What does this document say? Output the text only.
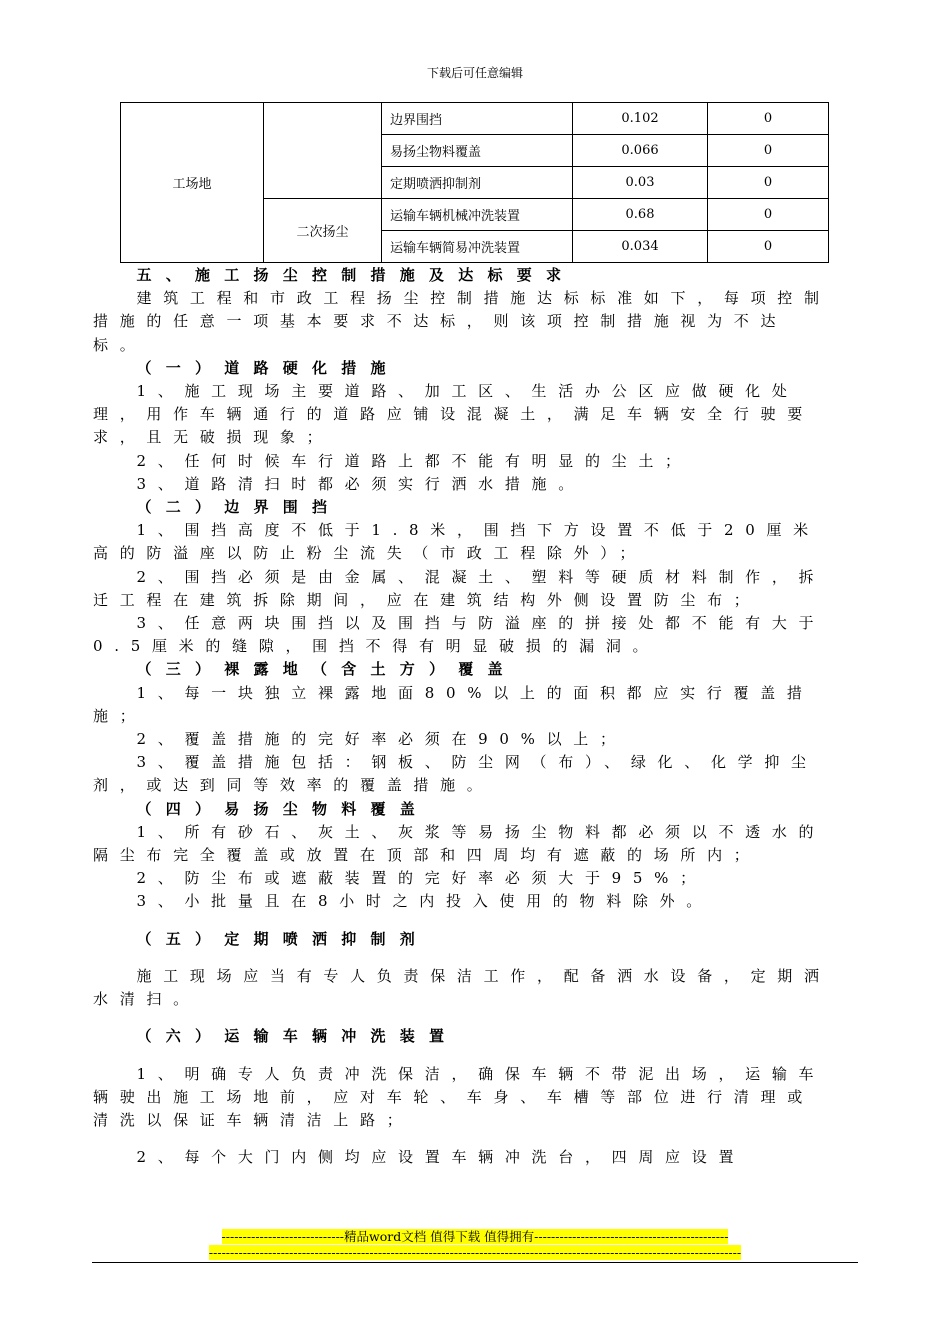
下载后可任意编辑
工场地		边界围挡	0.102	0
		易扬尘物料覆盖	0.066	0
		定期喷洒抑制剂	0.03	0
	二次扬尘	运输车辆机械冲洗装置	0.68	0
		运输车辆简易冲洗装置	0.034	0

五、施工扬尘控制措施及达标要求

建筑工程和市政工程扬尘控制措施达标标准如下，每项控制措施的任意一项基本要求不达标，则该项控制措施视为不达标。

（一）道路硬化措施

1、施工现场主要道路、加工区、生活办公区应做硬化处理，用作车辆通行的道路应铺设混凝土，满足车辆安全行驶要求，且无破损现象；

2、任何时候车行道路上都不能有明显的尘土；

3、道路清扫时都必须实行洒水措施。

（二）边界围挡

1、围挡高度不低于1.8米，围挡下方设置不低于20厘米高的防溢座以防止粉尘流失（市政工程除外）；

2、围挡必须是由金属、混凝土、塑料等硬质材料制作，拆迁工程在建筑拆除期间，应在建筑结构外侧设置防尘布；

3、任意两块围挡以及围挡与防溢座的拼接处都不能有大于0.5厘米的缝隙，围挡不得有明显破损的漏洞。

（三）裸露地（含土方）覆盖

1、每一块独立裸露地面80%以上的面积都应实行覆盖措施；

2、覆盖措施的完好率必须在90%以上；

3、覆盖措施包括：钢板、防尘网（布）、绿化、化学抑尘剂，或达到同等效率的覆盖措施。

（四）易扬尘物料覆盖

1、所有砂石、灰土、灰浆等易扬尘物料都必须以不透水的隔尘布完全覆盖或放置在顶部和四周均有遮蔽的场所内；

2、防尘布或遮蔽装置的完好率必须大于95%；

3、小批量且在8小时之内投入使用的物料除外。

（五）定期喷洒抑制剂

施工现场应当有专人负责保洁工作，配备洒水设备，定期洒水清扫。

（六）运输车辆冲洗装置

1、明确专人负责冲洗保洁，确保车辆不带泥出场，运输车辆驶出施工场地前，应对车轮、车身、车槽等部位进行清理或清洗以保证车辆清洁上路；

2、每个大门内侧均应设置车辆冲洗台，四周应设置

-----------------------------精品word文档 值得下载 值得拥有----------------------------------------------
------------------------------------------------------------------------------------------------------------------------------
